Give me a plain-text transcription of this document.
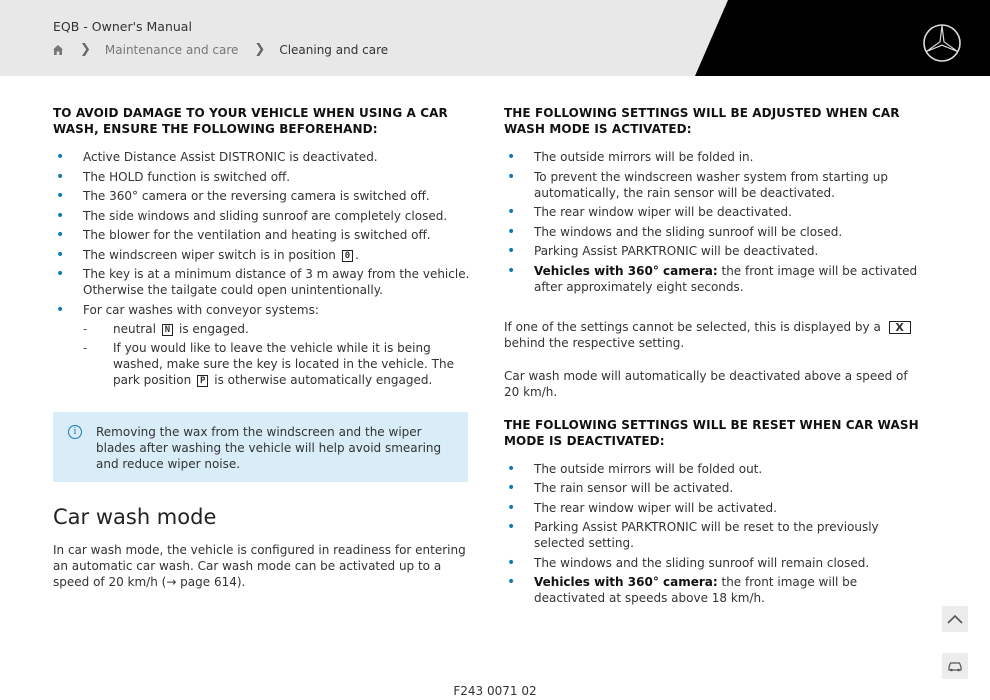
EQB - Owner's Manual
❯ Maintenance and care ❯ Cleaning and care
TO AVOID DAMAGE TO YOUR VEHICLE WHEN USING A CAR WASH, ENSURE THE FOLLOWING BEFOREHAND:
• Active Distance Assist DISTRONIC is deactivated.
• The HOLD function is switched off.
• The 360° camera or the reversing camera is switched off.
• The side windows and sliding sunroof are completely closed.
• The blower for the ventilation and heating is switched off.
• The windscreen wiper switch is in position 0 .
• The key is at a minimum distance of 3 m away from the vehicle. Otherwise the tailgate could open unintentionally.
• For car washes with conveyor systems:
- neutral N is engaged.
- If you would like to leave the vehicle while it is being washed, make sure the key is located in the vehicle. The park position P is otherwise automatically engaged.
i	Removing the wax from the windscreen and the wiper blades after washing the vehicle will help avoid smearing and reduce wiper noise.
Car wash mode
In car wash mode, the vehicle is configured in readiness for entering an automatic car wash. Car wash mode can be activated up to a speed of 20 km/h (→ page 614).
THE FOLLOWING SETTINGS WILL BE ADJUSTED WHEN CAR WASH MODE IS ACTIVATED:
• The outside mirrors will be folded in.
• To prevent the windscreen washer system from starting up automatically, the rain sensor will be deactivated.
• The rear window wiper will be deactivated.
• The windows and the sliding sunroof will be closed.
• Parking Assist PARKTRONIC will be deactivated.
• Vehicles with 360° camera: the front image will be activated after approximately eight seconds.

If one of the settings cannot be selected, this is displayed by a X behind the respective setting.

Car wash mode will automatically be deactivated above a speed of 20 km/h.

THE FOLLOWING SETTINGS WILL BE RESET WHEN CAR WASH MODE IS DEACTIVATED:
• The outside mirrors will be folded out.
• The rain sensor will be activated.
• The rear window wiper will be activated.
• Parking Assist PARKTRONIC will be reset to the previously selected setting.
• The windows and the sliding sunroof will remain closed.
• Vehicles with 360° camera: the front image will be deactivated at speeds above 18 km/h.
F243 0071 02
